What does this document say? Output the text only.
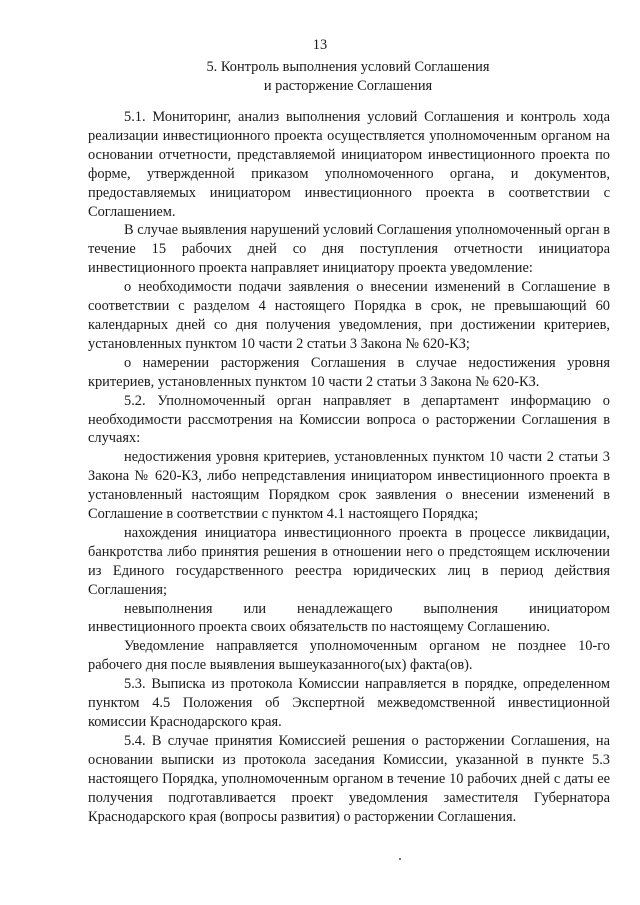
13
5. Контроль выполнения условий Соглашения
и расторжение Соглашения

5.1. Мониторинг, анализ выполнения условий Соглашения и контроль хода реализации инвестиционного проекта осуществляется уполномоченным органом на основании отчетности, представляемой инициатором инвестиционного проекта по форме, утвержденной приказом уполномоченного органа, и документов, предоставляемых инициатором инвестиционного проекта в соответствии с Соглашением.

В случае выявления нарушений условий Соглашения уполномоченный орган в течение 15 рабочих дней со дня поступления отчетности инициатора инвестиционного проекта направляет инициатору проекта уведомление:

о необходимости подачи заявления о внесении изменений в Соглашение в соответствии с разделом 4 настоящего Порядка в срок, не превышающий 60 календарных дней со дня получения уведомления, при достижении критериев, установленных пунктом 10 части 2 статьи 3 Закона № 620-КЗ;

о намерении расторжения Соглашения в случае недостижения уровня критериев, установленных пунктом 10 части 2 статьи 3 Закона № 620-КЗ.

5.2. Уполномоченный орган направляет в департамент информацию о необходимости рассмотрения на Комиссии вопроса о расторжении Соглашения в случаях:

недостижения уровня критериев, установленных пунктом 10 части 2 статьи 3 Закона № 620-КЗ, либо непредставления инициатором инвестиционного проекта в установленный настоящим Порядком срок заявления о внесении изменений в Соглашение в соответствии с пунктом 4.1 настоящего Порядка;

нахождения инициатора инвестиционного проекта в процессе ликвидации, банкротства либо принятия решения в отношении него о предстоящем исключении из Единого государственного реестра юридических лиц в период действия Соглашения;

невыполнения или ненадлежащего выполнения инициатором инвестиционного проекта своих обязательств по настоящему Соглашению.

Уведомление направляется уполномоченным органом не позднее 10-го рабочего дня после выявления вышеуказанного(ых) факта(ов).

5.3. Выписка из протокола Комиссии направляется в порядке, определенном пунктом 4.5 Положения об Экспертной межведомственной инвестиционной комиссии Краснодарского края.

5.4. В случае принятия Комиссией решения о расторжении Соглашения, на основании выписки из протокола заседания Комиссии, указанной в пункте 5.3 настоящего Порядка, уполномоченным органом в течение 10 рабочих дней с даты ее получения подготавливается проект уведомления заместителя Губернатора Краснодарского края (вопросы развития) о расторжении Соглашения.
